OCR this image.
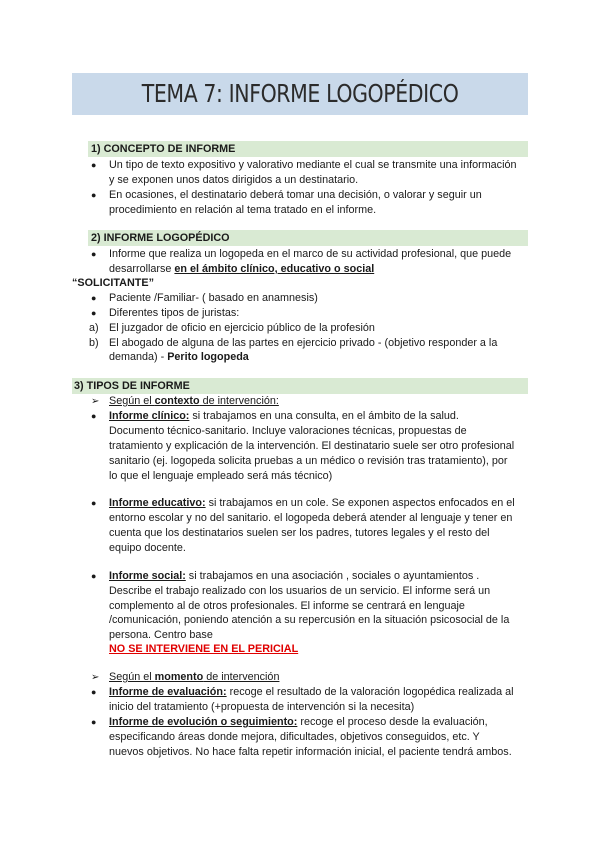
TEMA 7: INFORME LOGOPÉDICO
1) CONCEPTO DE INFORME
● Un tipo de texto expositivo y valorativo mediante el cual se transmite una información
y se exponen unos datos dirigidos a un destinatario.
● En ocasiones, el destinatario deberá tomar una decisión, o valorar y seguir un
procedimiento en relación al tema tratado en el informe.
2) INFORME LOGOPÉDICO
● Informe que realiza un logopeda en el marco de su actividad profesional, que puede
desarrollarse en el ámbito clínico, educativo o social
“SOLICITANTE”
● Paciente /Familiar- ( basado en anamnesis)
● Diferentes tipos de juristas:
a) El juzgador de oficio en ejercicio público de la profesión
b) El abogado de alguna de las partes en ejercicio privado - (objetivo responder a la
demanda) - Perito logopeda
3) TIPOS DE INFORME
➢ Según el contexto de intervención:
● Informe clínico: si trabajamos en una consulta, en el ámbito de la salud.
Documento técnico-sanitario. Incluye valoraciones técnicas, propuestas de
tratamiento y explicación de la intervención. El destinatario suele ser otro profesional
sanitario (ej. logopeda solicita pruebas a un médico o revisión tras tratamiento), por
lo que el lenguaje empleado será más técnico)
● Informe educativo: si trabajamos en un cole. Se exponen aspectos enfocados en el
entorno escolar y no del sanitario. el logopeda deberá atender al lenguaje y tener en
cuenta que los destinatarios suelen ser los padres, tutores legales y el resto del
equipo docente.
● Informe social: si trabajamos en una asociación , sociales o ayuntamientos .
Describe el trabajo realizado con los usuarios de un servicio. El informe será un
complemento al de otros profesionales. El informe se centrará en lenguaje
/comunicación, poniendo atención a su repercusión en la situación psicosocial de la
persona. Centro base
NO SE INTERVIENE EN EL PERICIAL
➢ Según el momento de intervención
● Informe de evaluación: recoge el resultado de la valoración logopédica realizada al
inicio del tratamiento (+propuesta de intervención si la necesita)
● Informe de evolución o seguimiento: recoge el proceso desde la evaluación,
especificando áreas donde mejora, dificultades, objetivos conseguidos, etc. Y
nuevos objetivos. No hace falta repetir información inicial, el paciente tendrá ambos.
